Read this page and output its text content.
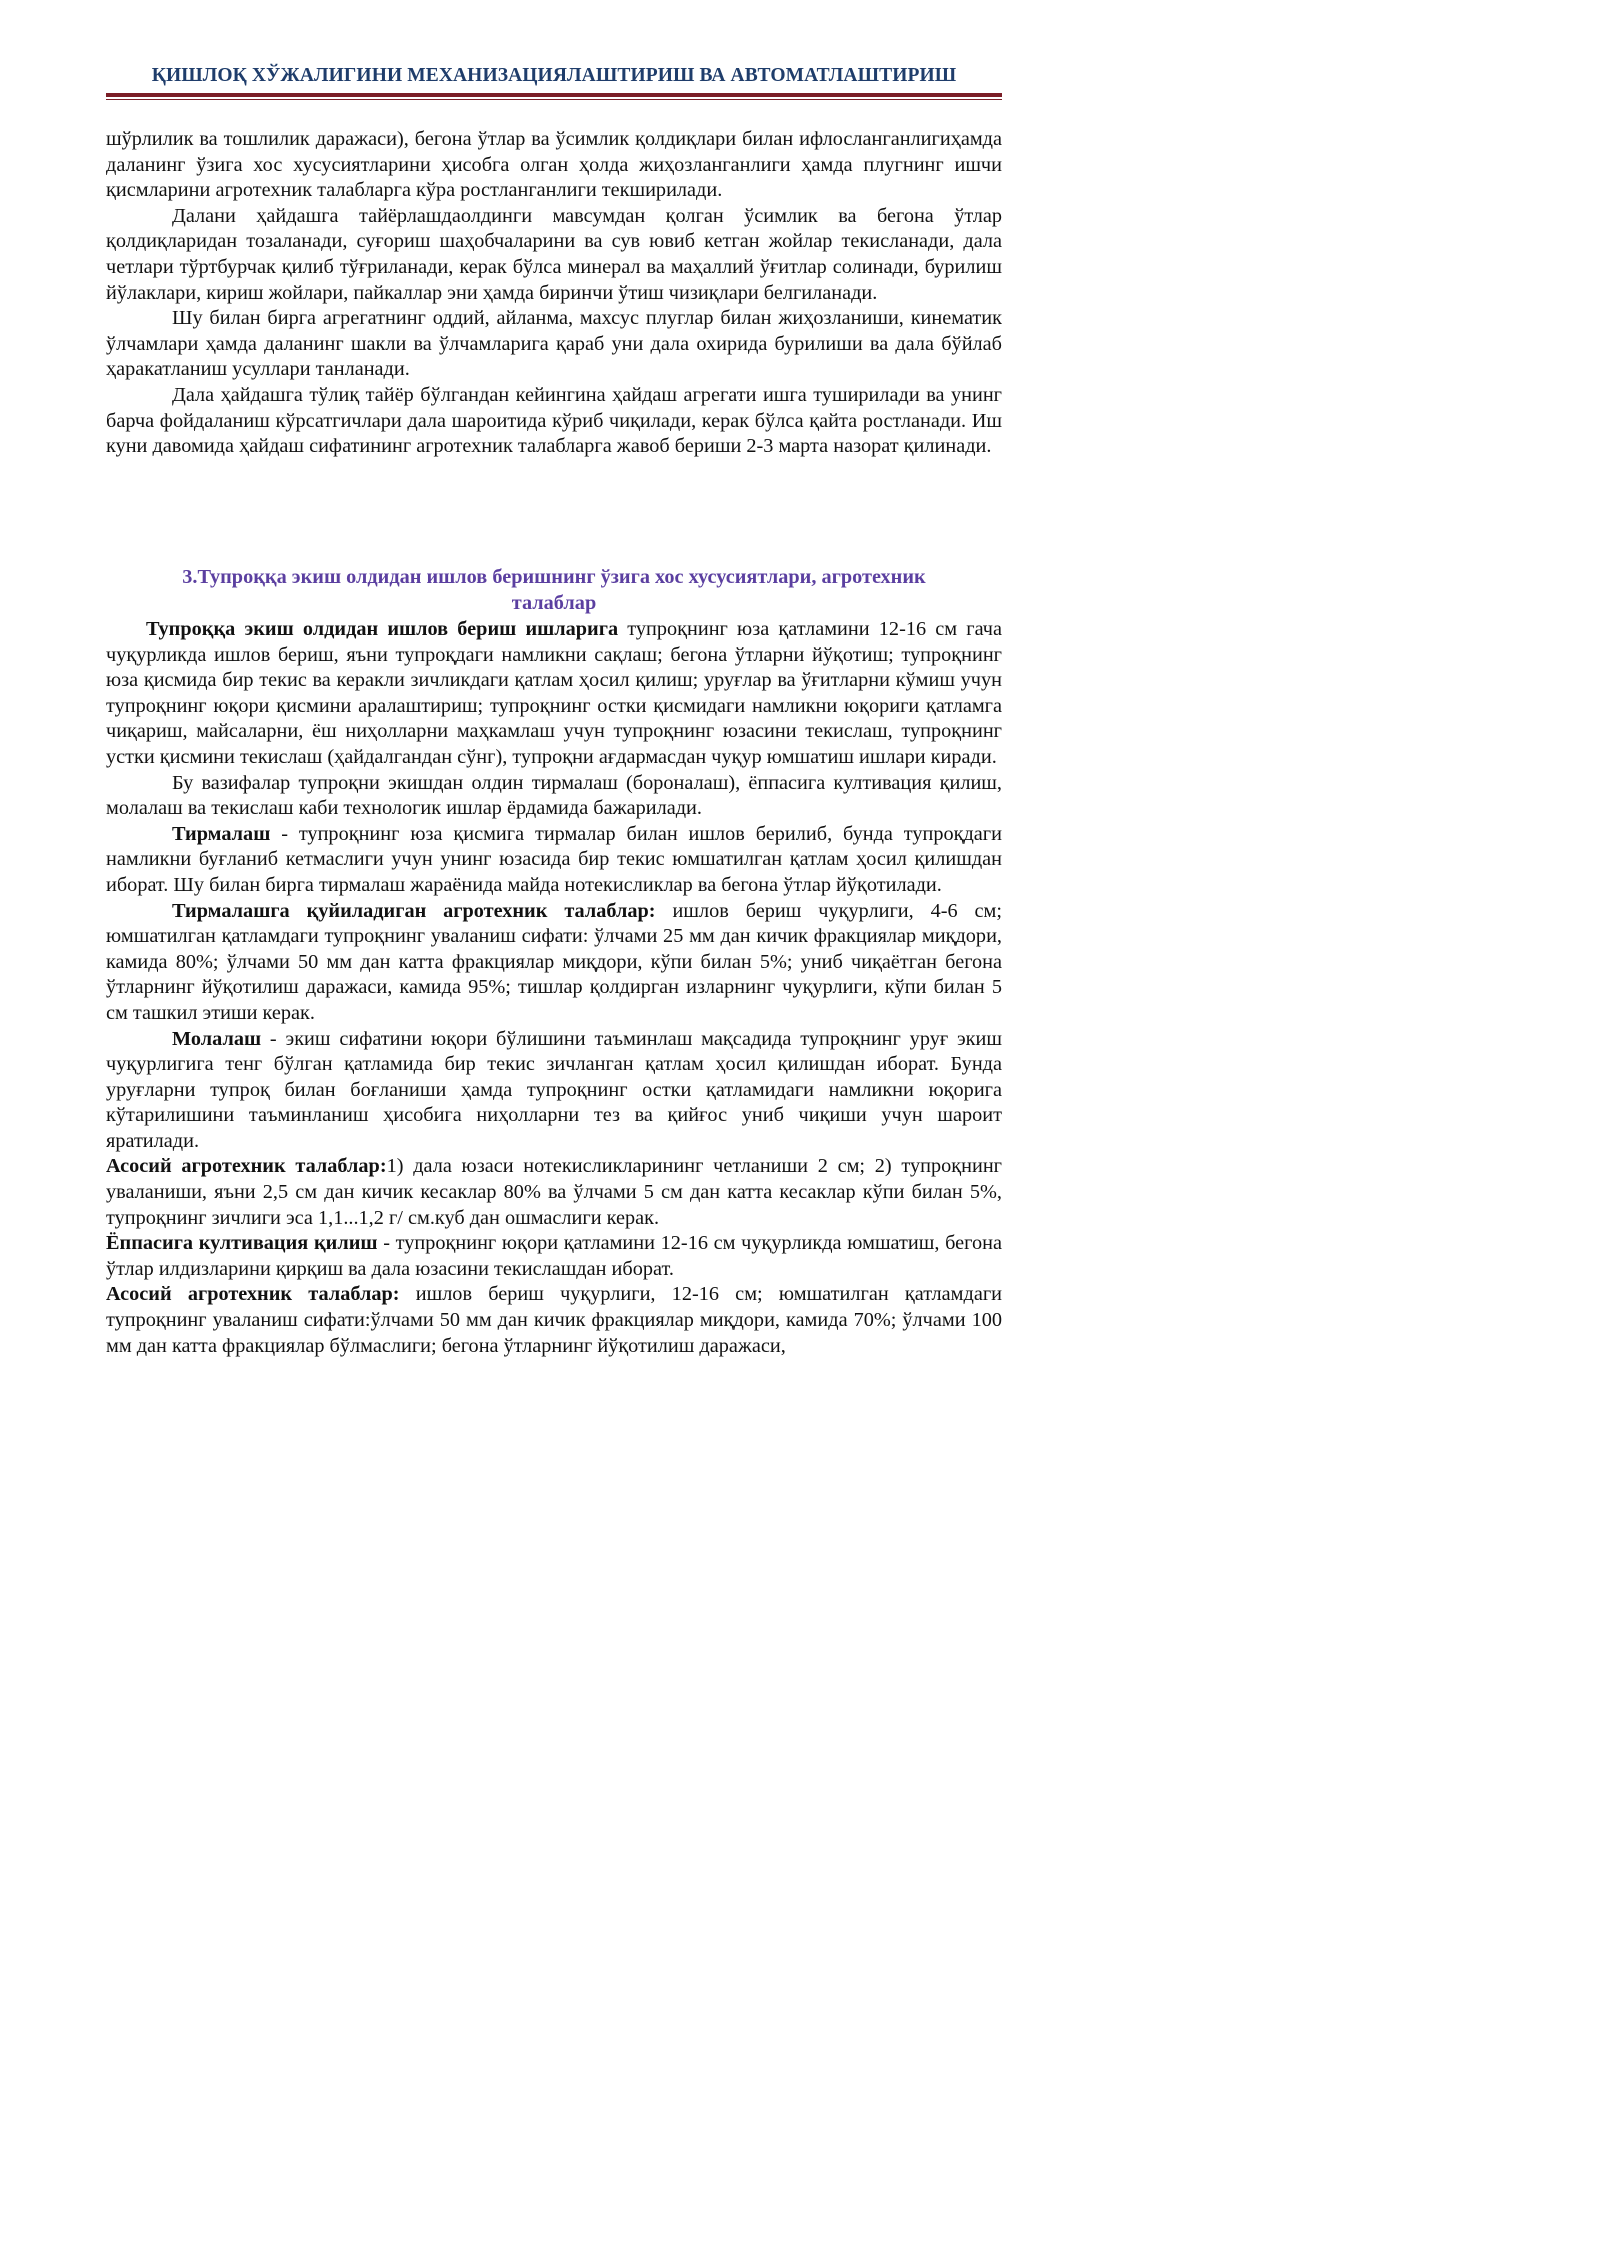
ҚИШЛОҚ ХЎЖАЛИГИНИ МЕХАНИЗАЦИЯЛАШТИРИШ ВА АВТОМАТЛАШТИРИШ

шўрлилик ва тошлилик даражаси), бегона ўтлар ва ўсимлик қолдиқлари билан ифлосланганлигиҳамда даланинг ўзига хос хусусиятларини ҳисобга олган ҳолда жиҳозланганлиги ҳамда плугнинг ишчи қисмларини агротехник талабларга кўра ростланганлиги текширилади.

Далани ҳайдашга тайёрлашдаолдинги мавсумдан қолган ўсимлик ва бегона ўтлар қолдиқларидан тозаланади, суғориш шаҳобчаларини ва сув ювиб кетган жойлар текисланади, дала четлари тўртбурчак қилиб тўғриланади, керак бўлса минерал ва маҳаллий ўғитлар солинади, бурилиш йўлаклари, кириш жойлари, пайкаллар эни ҳамда биринчи ўтиш чизиқлари белгиланади.

Шу билан бирга агрегатнинг оддий, айланма, махсус плуглар билан жиҳозланиши, кинематик ўлчамлари ҳамда даланинг шакли ва ўлчамларига қараб уни дала охирида бурилиши ва дала бўйлаб ҳаракатланиш усуллари танланади.

Дала ҳайдашга тўлиқ тайёр бўлгандан кейингина ҳайдаш агрегати ишга туширилади ва унинг барча фойдаланиш кўрсатгичлари дала шароитида кўриб чиқилади, керак бўлса қайта ростланади. Иш куни давомида ҳайдаш сифатининг агротехник талабларга жавоб бериши 2-3 марта назорат қилинади.

3.Тупроққа экиш олдидан ишлов беришнинг ўзига хос хусусиятлари, агротехник
талаблар

Тупроққа экиш олдидан ишлов бериш ишларига тупроқнинг юза қатламини 12-16 см гача чуқурликда ишлов бериш, яъни тупроқдаги намликни сақлаш; бегона ўтларни йўқотиш; тупроқнинг юза қисмида бир текис ва керакли зичликдаги қатлам ҳосил қилиш; уруғлар ва ўғитларни кўмиш учун тупроқнинг юқори қисмини аралаштириш; тупроқнинг остки қисмидаги намликни юқориги қатламга чиқариш, майсаларни, ёш ниҳолларни маҳкамлаш учун тупроқнинг юзасини текислаш, тупроқнинг устки қисмини текислаш (ҳайдалгандан сўнг), тупроқни ағдармасдан чуқур юмшатиш ишлари киради.

Бу вазифалар тупроқни экишдан олдин тирмалаш (бороналаш), ёппасига култивация қилиш, молалаш ва текислаш каби технологик ишлар ёрдамида бажарилади.

Тирмалаш - тупроқнинг юза қисмига тирмалар билан ишлов берилиб, бунда тупроқдаги намликни буғланиб кетмаслиги учун унинг юзасида бир текис юмшатилган қатлам ҳосил қилишдан иборат. Шу билан бирга тирмалаш жараёнида майда нотекисликлар ва бегона ўтлар йўқотилади.

Тирмалашга қуйиладиган агротехник талаблар: ишлов бериш чуқурлиги, 4-6 см; юмшатилган қатламдаги тупроқнинг уваланиш сифати: ўлчами 25 мм дан кичик фракциялар миқдори, камида 80%; ўлчами 50 мм дан катта фракциялар миқдори, кўпи билан 5%; униб чиқаётган бегона ўтларнинг йўқотилиш даражаси, камида 95%; тишлар қолдирган изларнинг чуқурлиги, кўпи билан 5 см ташкил этиши керак.

Молалаш - экиш сифатини юқори бўлишини таъминлаш мақсадида тупроқнинг уруғ экиш чуқурлигига тенг бўлган қатламида бир текис зичланган қатлам ҳосил қилишдан иборат. Бунда уруғларни тупроқ билан боғланиши ҳамда тупроқнинг остки қатламидаги намликни юқорига кўтарилишини таъминланиш ҳисобига ниҳолларни тез ва қийғос униб чиқиши учун шароит яратилади.

Асосий агротехник талаблар:1) дала юзаси нотекисликларининг четланиши 2 см; 2) тупроқнинг уваланиши, яъни 2,5 см дан кичик кесаклар 80% ва ўлчами 5 см дан катта кесаклар кўпи билан 5%, тупроқнинг зичлиги эса 1,1...1,2 г/ см.куб дан ошмаслиги керак.

Ёппасига култивация қилиш - тупроқнинг юқори қатламини 12-16 см чуқурликда юмшатиш, бегона ўтлар илдизларини қирқиш ва дала юзасини текислашдан иборат.

Асосий агротехник талаблар: ишлов бериш чуқурлиги, 12-16 см; юмшатилган қатламдаги тупроқнинг уваланиш сифати:ўлчами 50 мм дан кичик фракциялар миқдори, камида 70%; ўлчами 100 мм дан катта фракциялар бўлмаслиги; бегона ўтларнинг йўқотилиш даражаси,
